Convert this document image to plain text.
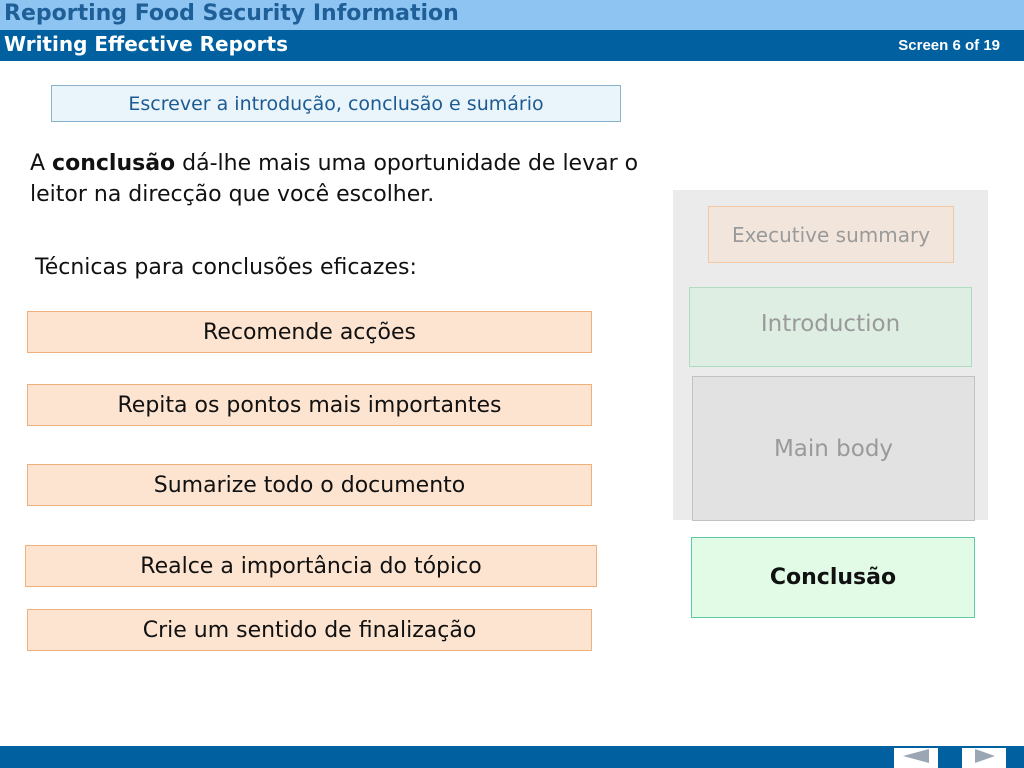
Reporting Food Security Information
Writing Effective Reports	Screen 6 of 19
Escrever a introdução, conclusão e sumário
A conclusão dá-lhe mais uma oportunidade de levar o leitor na direcção que você escolher.
Técnicas para conclusões eficazes:
Recomende acções
Repita os pontos mais importantes
Sumarize todo o documento
Realce a importância do tópico
Crie um sentido de finalização
Executive summary
Introduction
Main body
Conclusão
